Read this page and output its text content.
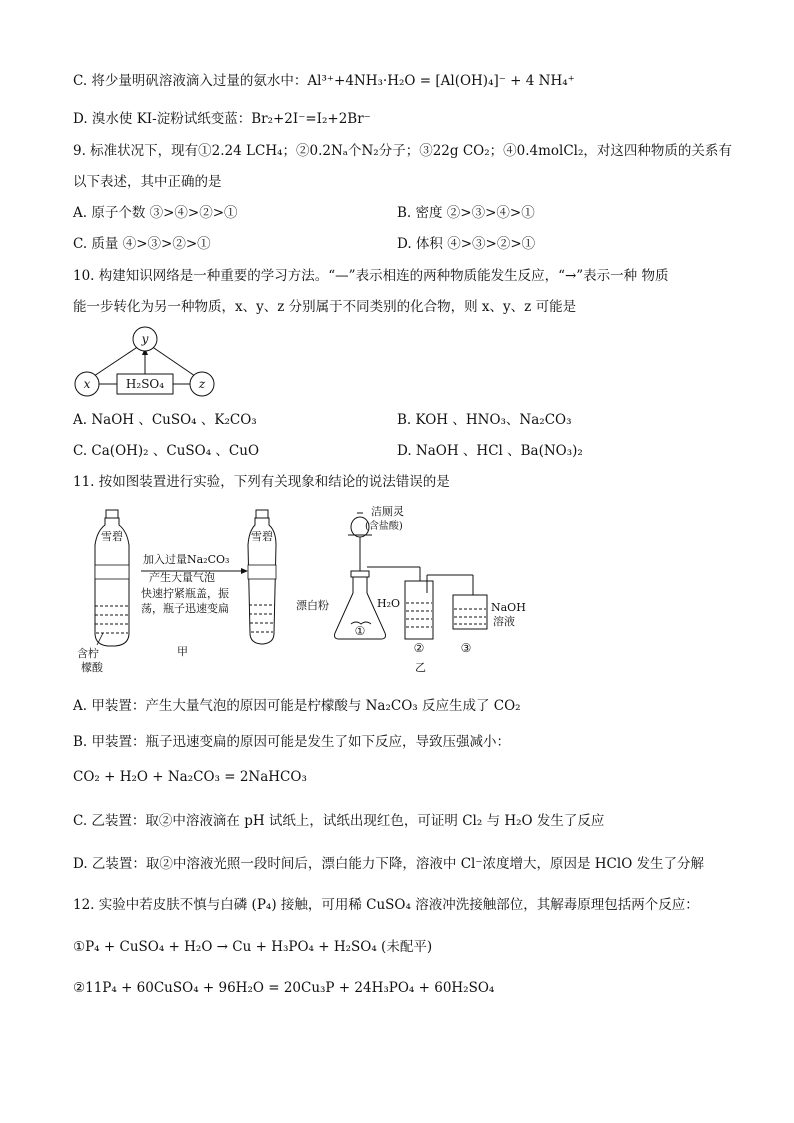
C. 将少量明矾溶液滴入过量的氨水中：Al³⁺+4NH₃·H₂O = [Al(OH)₄]⁻ + 4 NH₄⁺
D. 溴水使 KI-淀粉试纸变蓝：Br₂+2I⁻=I₂+2Br⁻
9. 标准状况下，现有①2.24 LCH₄；②0.2Nₐ个N₂分子；③22g CO₂；④0.4molCl₂，对这四种物质的关系有
以下表述，其中正确的是
A. 原子个数 ③>④>②>①	B. 密度 ②>③>④>①
C. 质量 ④>③>②>①	D. 体积 ④>③>②>①
10. 构建知识网络是一种重要的学习方法。“—”表示相连的两种物质能发生反应，“→”表示一种 物质
能一步转化为另一种物质，x、y、z 分别属于不同类别的化合物，则 x、y、z 可能是
y
x	z
H₂SO₄
A. NaOH 、CuSO₄ 、K₂CO₃	B. KOH 、HNO₃、Na₂CO₃
C. Ca(OH)₂ 、CuSO₄ 、CuO	D. NaOH 、HCl 、Ba(NO₃)₂
11. 按如图装置进行实验，下列有关现象和结论的说法错误的是
雪碧
含柠
檬酸
加入过量Na₂CO₃
产生大量气泡
快速拧紧瓶盖，振
荡，瓶子迅速变扁
甲
雪碧
洁厕灵
(含盐酸)
漂白粉	H₂O	NaOH
溶液
①
②	③
乙
A. 甲装置：产生大量气泡的原因可能是柠檬酸与 Na₂CO₃ 反应生成了 CO₂
B. 甲装置：瓶子迅速变扁的原因可能是发生了如下反应，导致压强减小：
CO₂ + H₂O + Na₂CO₃ = 2NaHCO₃
C. 乙装置：取②中溶液滴在 pH 试纸上，试纸出现红色，可证明 Cl₂ 与 H₂O 发生了反应
D. 乙装置：取②中溶液光照一段时间后，漂白能力下降，溶液中 Cl⁻浓度增大，原因是 HClO 发生了分解
12. 实验中若皮肤不慎与白磷 (P₄) 接触，可用稀 CuSO₄ 溶液冲洗接触部位，其解毒原理包括两个反应：
①P₄ + CuSO₄ + H₂O → Cu + H₃PO₄ + H₂SO₄ (未配平)
②11P₄ + 60CuSO₄ + 96H₂O = 20Cu₃P + 24H₃PO₄ + 60H₂SO₄
